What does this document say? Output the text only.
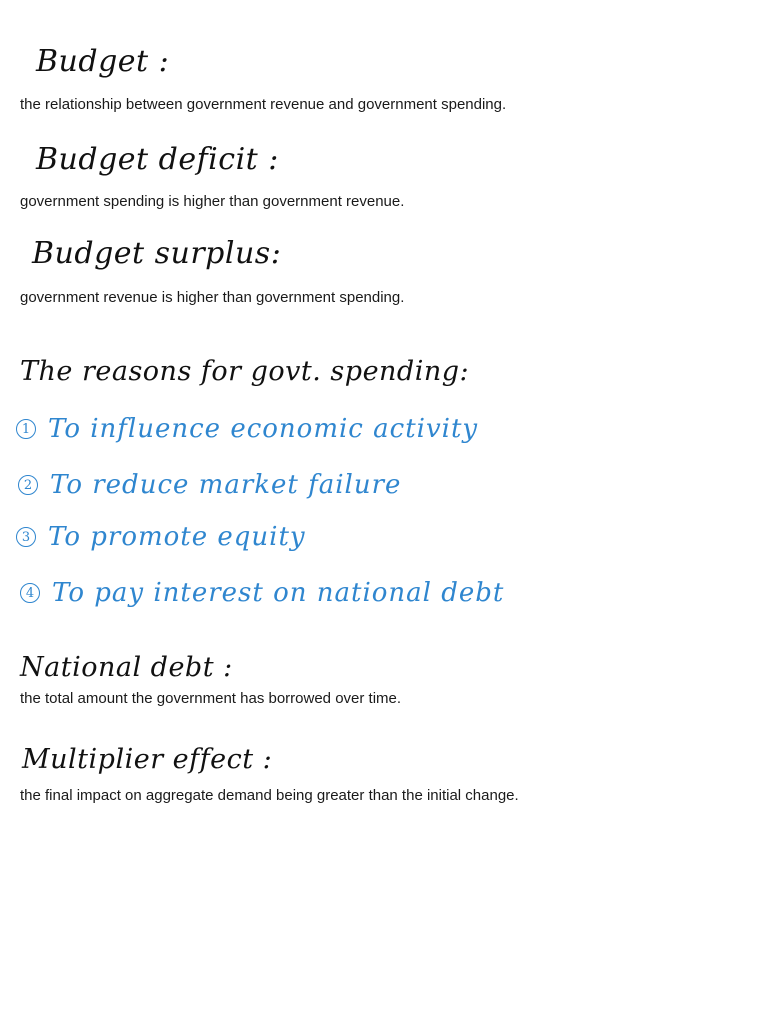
Budget :
the relationship between government revenue and government spending.
Budget deficit :
government spending is higher than government revenue.
Budget surplus:
government revenue is higher than government spending.
The reasons for govt. spending:
1 To influence economic activity
2 To reduce market failure
3 To promote equity
4 To pay interest on national debt
National debt :
the total amount the government has borrowed over time.
Multiplier effect :
the final impact on aggregate demand being greater than the initial change.
